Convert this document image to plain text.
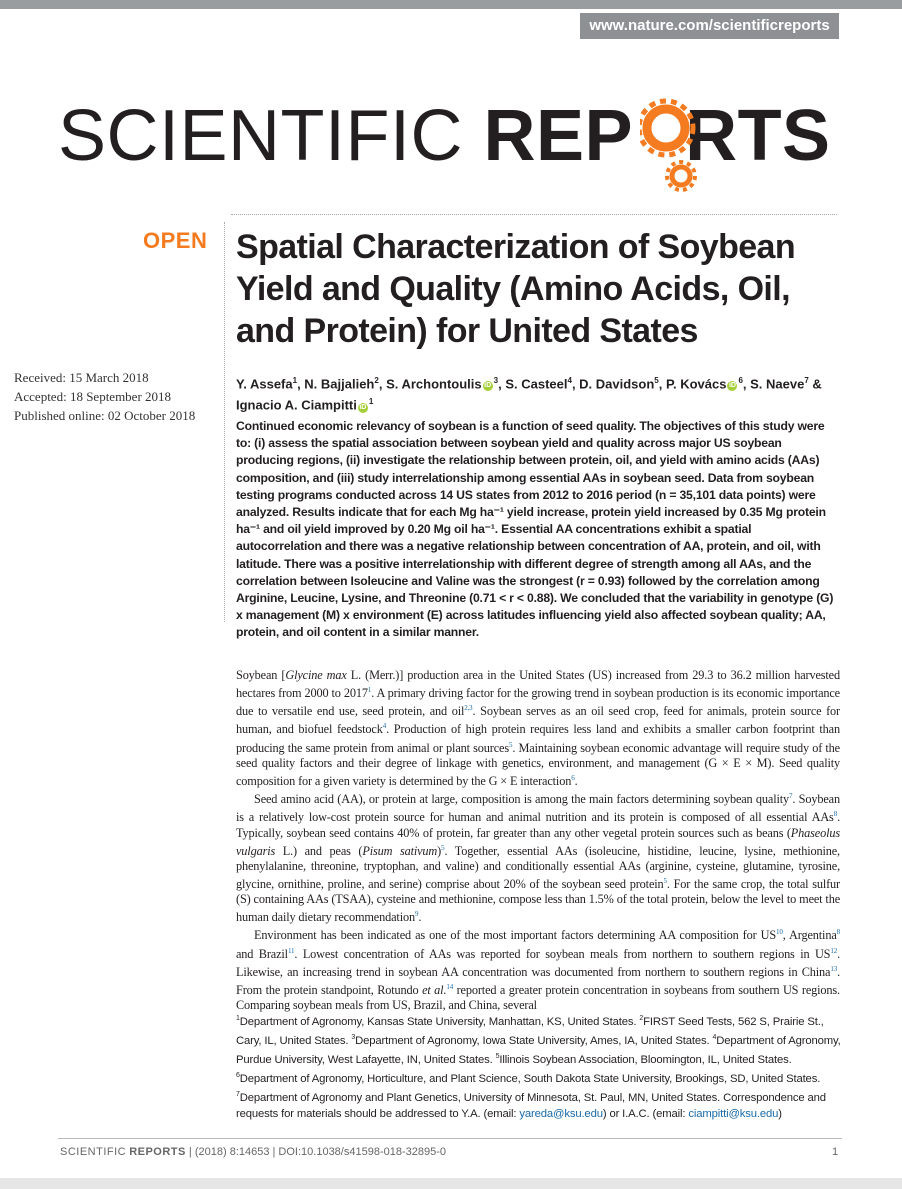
www.nature.com/scientificreports
SCIENTIFIC REP RTS
OPEN Spatial Characterization of Soybean Yield and Quality (Amino Acids, Oil, and Protein) for United States
Received: 15 March 2018
Accepted: 18 September 2018
Published online: 02 October 2018
Y. Assefa$^1$, N. Bajjalieh$^2$, S. Archontoulis $iD^3$, S. Casteel$^4$, D. Davidson$^5$, P. Kovács $iD^6$, S. Naeve$^7$ & Ignacio A. Ciampitti $iD^1$

Continued economic relevancy of soybean is a function of seed quality. The objectives of this study were to: (i) assess the spatial association between soybean yield and quality across major US soybean producing regions, (ii) investigate the relationship between protein, oil, and yield with amino acids (AAs) composition, and (iii) study interrelationship among essential AAs in soybean seed. Data from soybean testing programs conducted across 14 US states from 2012 to 2016 period (n = 35,101 data points) were analyzed. Results indicate that for each Mg ha⁻¹ yield increase, protein yield increased by 0.35 Mg protein ha⁻¹ and oil yield improved by 0.20 Mg oil ha⁻¹. Essential AA concentrations exhibit a spatial autocorrelation and there was a negative relationship between concentration of AA, protein, and oil, with latitude. There was a positive interrelationship with different degree of strength among all AAs, and the correlation between Isoleucine and Valine was the strongest (r = 0.93) followed by the correlation among Arginine, Leucine, Lysine, and Threonine (0.71 < r < 0.88). We concluded that the variability in genotype (G) x management (M) x environment (E) across latitudes influencing yield also affected soybean quality; AA, protein, and oil content in a similar manner.

Soybean [Glycine max L. (Merr.)] production area in the United States (US) increased from 29.3 to 36.2 million harvested hectares from 2000 to 2017$^1$. A primary driving factor for the growing trend in soybean production is its economic importance due to versatile end use, seed protein, and oil$^{2,3}$. Soybean serves as an oil seed crop, feed for animals, protein source for human, and biofuel feedstock$^4$. Production of high protein requires less land and exhibits a smaller carbon footprint than producing the same protein from animal or plant sources$^5$. Maintaining soybean economic advantage will require study of the seed quality factors and their degree of linkage with genetics, environment, and management (G × E × M). Seed quality composition for a given variety is determined by the G × E interaction$^6$.

Seed amino acid (AA), or protein at large, composition is among the main factors determining soybean quality$^7$. Soybean is a relatively low-cost protein source for human and animal nutrition and its protein is composed of all essential AAs$^8$. Typically, soybean seed contains 40% of protein, far greater than any other vegetal protein sources such as beans (Phaseolus vulgaris L.) and peas (Pisum sativum)$^5$. Together, essential AAs (isoleucine, histidine, leucine, lysine, methionine, phenylalanine, threonine, tryptophan, and valine) and conditionally essential AAs (arginine, cysteine, glutamine, tyrosine, glycine, ornithine, proline, and serine) comprise about 20% of the soybean seed protein$^5$. For the same crop, the total sulfur (S) containing AAs (TSAA), cysteine and methionine, compose less than 1.5% of the total protein, below the level to meet the human daily dietary recommendation$^9$.

Environment has been indicated as one of the most important factors determining AA composition for US$^{10}$, Argentina$^8$ and Brazil$^{11}$. Lowest concentration of AAs was reported for soybean meals from northern to southern regions in US$^{12}$. Likewise, an increasing trend in soybean AA concentration was documented from northern to southern regions in China$^{13}$. From the protein standpoint, Rotundo et al.$^{14}$ reported a greater protein concentration in soybeans from southern US regions. Comparing soybean meals from US, Brazil, and China, several

$^1$Department of Agronomy, Kansas State University, Manhattan, KS, United States. $^2$FIRST Seed Tests, 562 S, Prairie St., Cary, IL, United States. $^3$Department of Agronomy, Iowa State University, Ames, IA, United States. $^4$Department of Agronomy, Purdue University, West Lafayette, IN, United States. $^5$Illinois Soybean Association, Bloomington, IL, United States. $^6$Department of Agronomy, Horticulture, and Plant Science, South Dakota State University, Brookings, SD, United States. $^7$Department of Agronomy and Plant Genetics, University of Minnesota, St. Paul, MN, United States. Correspondence and requests for materials should be addressed to Y.A. (email: yareda@ksu.edu) or I.A.C. (email: ciampitti@ksu.edu)
SCIENTIFIC REPORTS | (2018) 8:14653 | DOI:10.1038/s41598-018-32895-0	1
